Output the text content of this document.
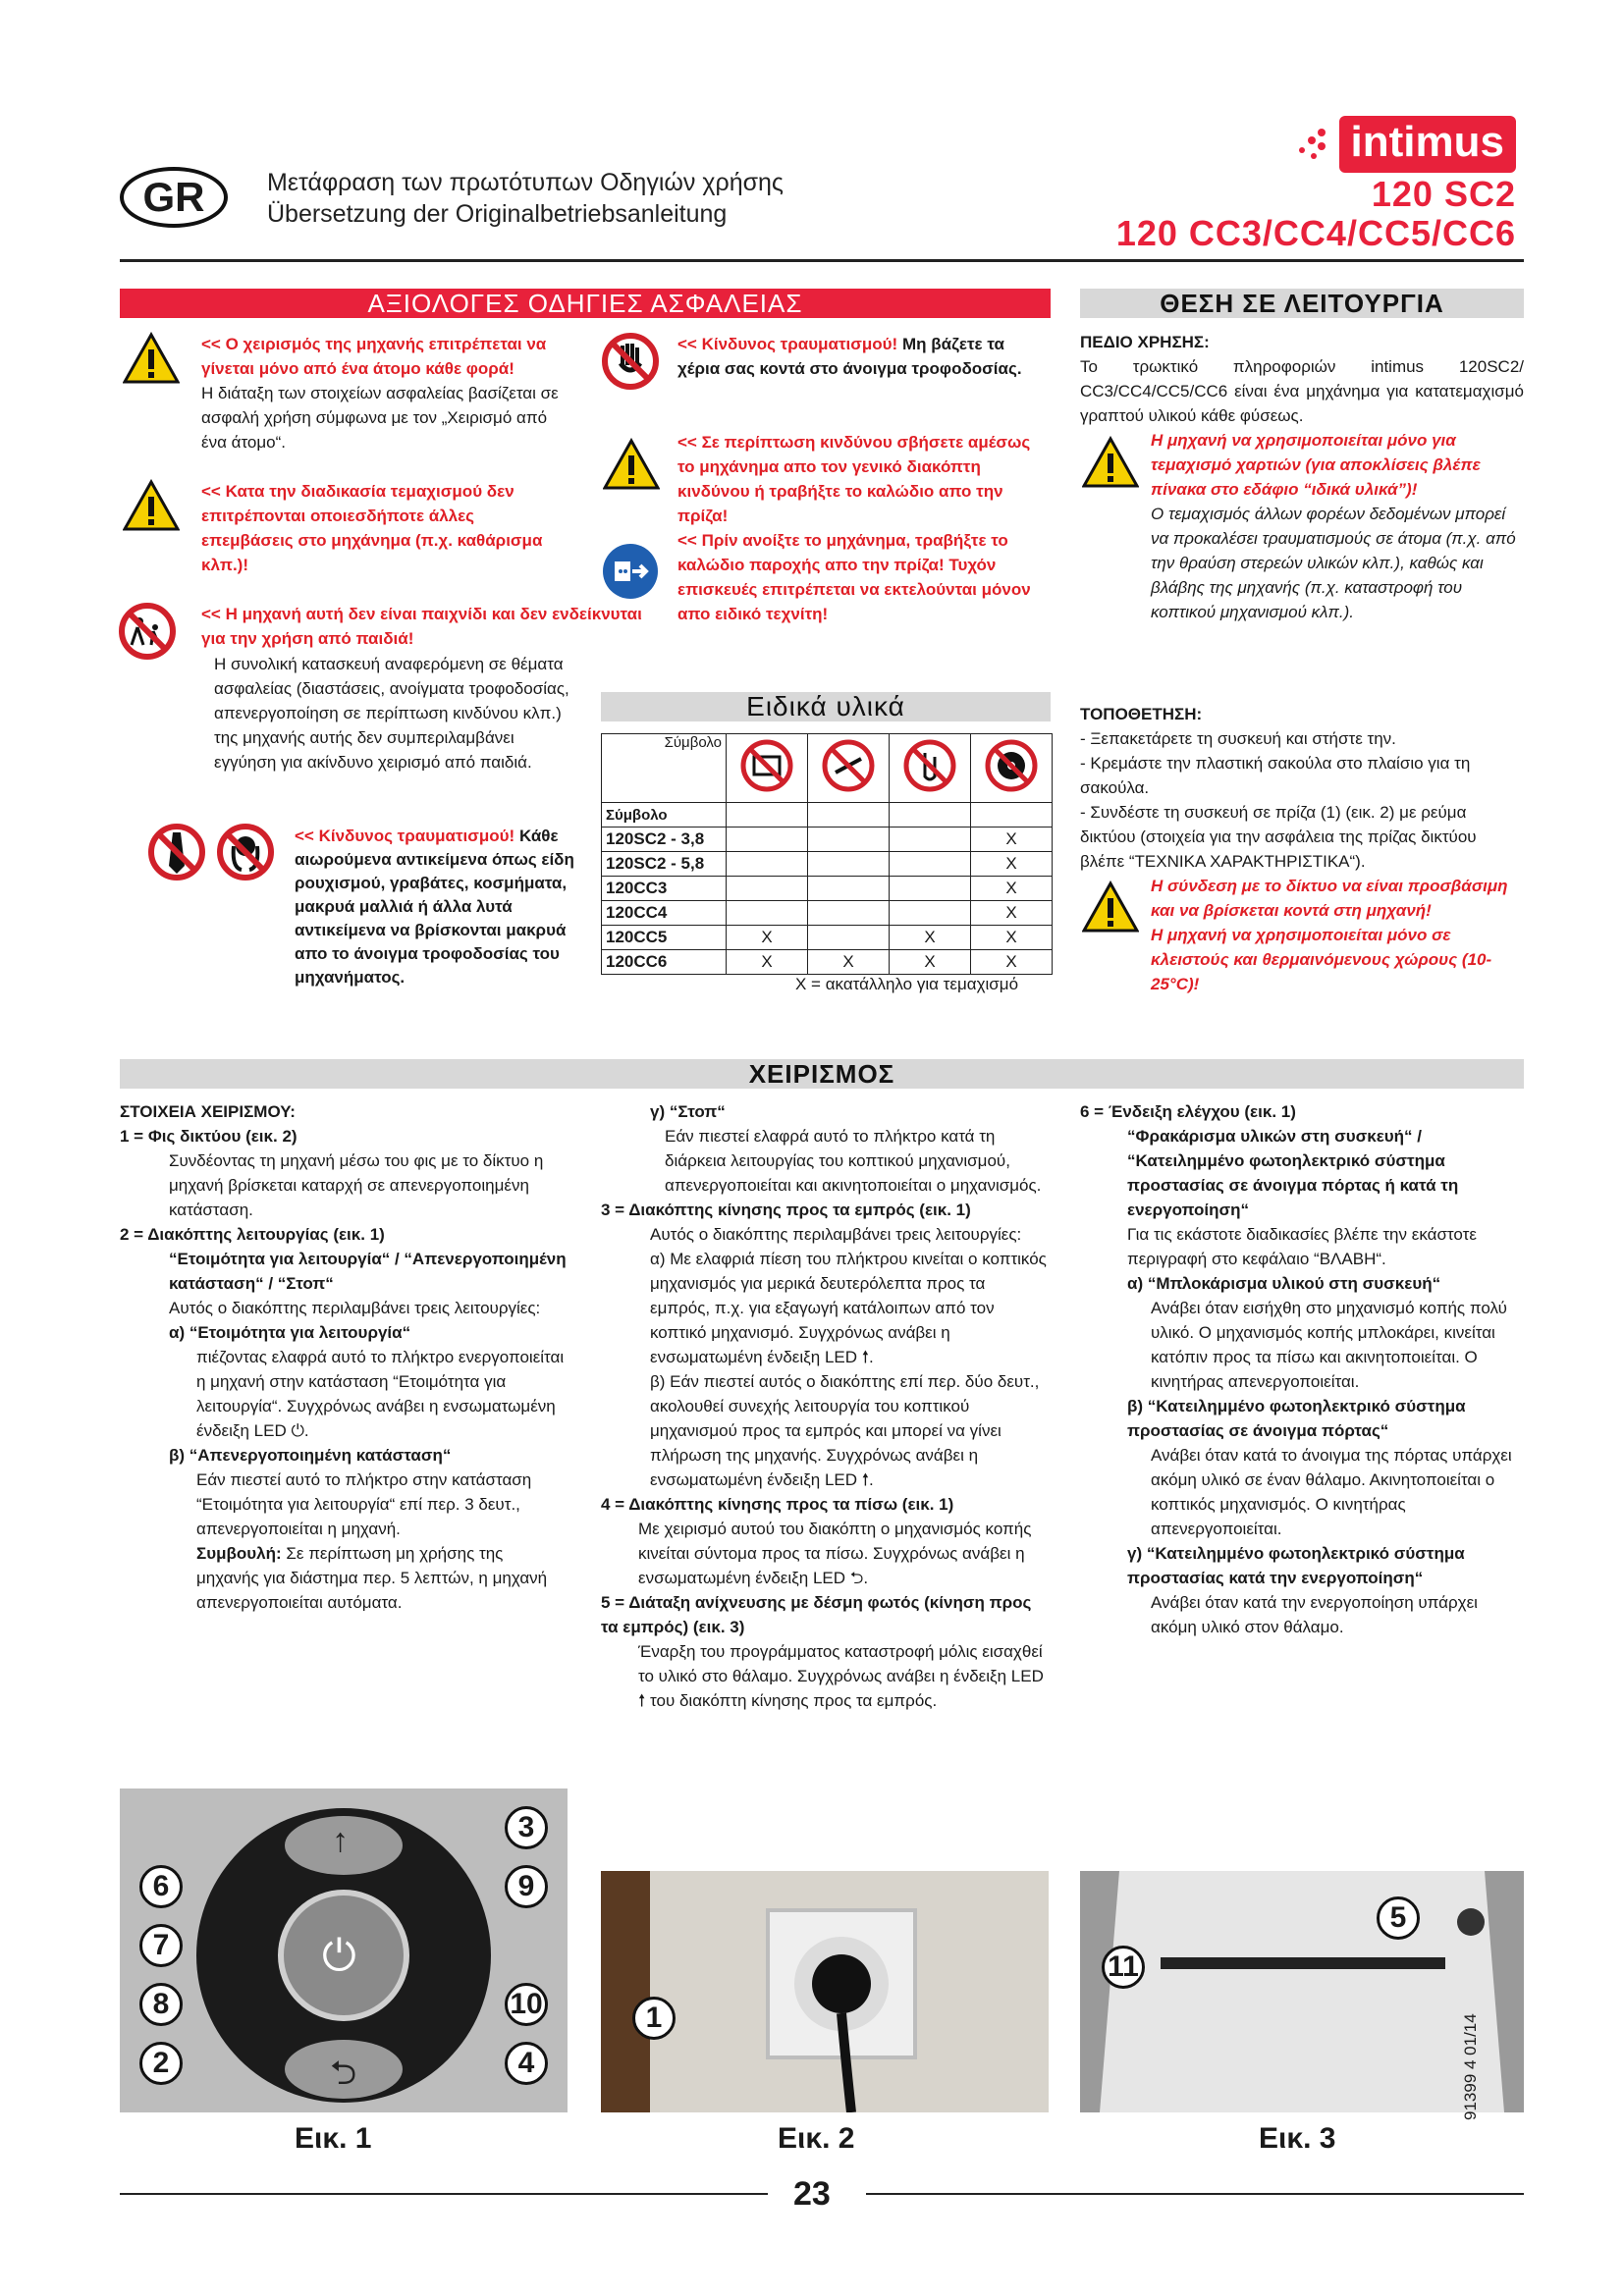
GR	Μετάφραση των πρωτότυπων Οδηγιών χρήσης
Übersetzung der Originalbetriebsanleitung
intimus
120 SC2
120 CC3/CC4/CC5/CC6
ΑΞΙΟΛΟΓΕΣ ΟΔΗΓΙΕΣ ΑΣΦΑΛΕΙΑΣ

<< Ο χειρισμός της μηχανής επιτρέπεται να γίνεται μόνο από ένα άτομο κάθε φορά!

Η διάταξη των στοιχείων ασφαλείας βασίζεται σε ασφαλή χρήση σύμφωνα με τον „Χειρισμό από ένα άτομο“.

<< Κατα την διαδικασία τεμαχισμού δεν επιτρέπονται οποιεσδήποτε άλλες επεμβάσεις στο μηχάνημα (π.χ. καθάρισμα κλπ.)!

<< Η μηχανή αυτή δεν είναι παιχνίδι και δεν ενδείκνυται για την χρήση από παιδιά!

Η συνολική κατασκευή αναφερόμενη σε θέματα ασφαλείας (διαστάσεις, ανοίγματα τροφοδοσίας, απενεργοποίηση σε περίπτωση κινδύνου κλπ.) της μηχανής αυτής δεν συμπεριλαμβάνει εγγύηση για ακίνδυνο χειρισμό από παιδιά.

<< Κίνδυνος τραυματισμού! Κάθε αιωρούμενα αντικείμενα όπως είδη ρουχισμού, γραβάτες, κοσμήματα, μακρυά μαλλιά ή άλλα λυτά αντικείμενα να βρίσκονται μακρυά απο το άνοιγμα τροφοδοσίας του μηχανήματος.
<< Κίνδυνος τραυματισμού! Μη βάζετε τα χέρια σας κοντά στο άνοιγμα τροφοδοσίας.

<< Σε περίπτωση κινδύνου σβήσετε αμέσως το μηχάνημα απο τον γενικό διακόπτη κινδύνου ή τραβήξτε το καλώδιο απο την πρίζα!

<< Πρίν ανοίξτε το μηχάνημα, τραβήξτε το καλώδιο παροχής απο την πρίζα! Τυχόν επισκευές επιτρέπεται να εκτελούνται μόνον απο ειδικό τεχνίτη!

Ειδικά υλικά
Σύμβολο				
Σύμβολο				
120SC2 - 3,8				X
120SC2 - 5,8				X
120CC3				X
120CC4				X
120CC5	X		X	X
120CC6	X	X	X	X
X = ακατάλληλο για τεμαχισμό
ΘΕΣΗ ΣΕ ΛΕΙΤΟΥΡΓΙΑ

ΠΕΔΙΟ ΧΡΗΣΗΣ:

Το τρωκτικό πληροφοριών intimus 120SC2/ CC3/CC4/CC5/CC6 είναι ένα μηχάνημα για κατατεμαχισμό γραπτού υλικού κάθε φύσεως.

Η μηχανή να χρησιμοποιείται μόνο για τεμαχισμό χαρτιών (για αποκλίσεις βλέπε πίνακα στο εδάφιο “ιδικά υλικά”)!

Ο τεμαχισμός άλλων φορέων δεδομένων μπορεί να προκαλέσει τραυματισμούς σε άτομα (π.χ. από την θραύση στερεών υλικών κλπ.), καθώς και βλάβης της μηχανής (π.χ. καταστροφή του κοπτικού μηχανισμού κλπ.).

ΤΟΠΟΘΕΤΗΣΗ:

- Ξεπακετάρετε τη συσκευή και στήστε την.

- Κρεμάστε την πλαστική σακούλα στο πλαίσιο για τη σακούλα.

- Συνδέστε τη συσκευή σε πρίζα (1) (εικ. 2) με ρεύμα δικτύου (στοιχεία για την ασφάλεια της πρίζας δικτύου βλέπε “ΤΕΧΝΙΚΑ ΧΑΡΑΚΤΗΡΙΣΤΙΚΑ“).

Η σύνδεση με το δίκτυο να είναι προσβάσιμη και να βρίσκεται κοντά στη μηχανή!

Η μηχανή να χρησιμοποιείται μόνο σε κλειστούς και θερμαινόμενους χώρους (10-25°C)!

ΧΕΙΡΙΣΜΟΣ

ΣΤΟΙΧΕΙΑ ΧΕΙΡΙΣΜΟΥ:

1 = Φις δικτύου (εικ. 2)

Συνδέοντας τη μηχανή μέσω του φις με το δίκτυο η μηχανή βρίσκεται καταρχή σε απενεργοποιημένη κατάσταση.

2 = Διακόπτης λειτουργίας (εικ. 1)

“Ετοιμότητα για λειτουργία“ / “Απενεργοποιημένη κατάσταση“ / “Στοπ“

Αυτός ο διακόπτης περιλαμβάνει τρεις λειτουργίες:

α) “Ετοιμότητα για λειτουργία“

πιέζοντας ελαφρά αυτό το πλήκτρο ενεργοποιείται η μηχανή στην κατάσταση “Ετοιμότητα για λειτουργία“. Συγχρόνως ανάβει η ενσωματωμένη ένδειξη LED ⏻.

β) “Απενεργοποιημένη κατάσταση“

Εάν πιεστεί αυτό το πλήκτρο στην κατάσταση “Ετοιμότητα για λειτουργία“ επί περ. 3 δευτ., απενεργοποιείται η μηχανή.

Συμβουλή: Σε περίπτωση μη χρήσης της μηχανής για διάστημα περ. 5 λεπτών, η μηχανή απενεργοποιείται αυτόματα.

γ) “Στοπ“

Εάν πιεστεί ελαφρά αυτό το πλήκτρο κατά τη διάρκεια λειτουργίας του κοπτικού μηχανισμού, απενεργοποιείται και ακινητοποιείται ο μηχανισμός.

3 = Διακόπτης κίνησης προς τα εμπρός (εικ. 1)

Αυτός ο διακόπτης περιλαμβάνει τρεις λειτουργίες:

α) Με ελαφριά πίεση του πλήκτρου κινείται ο κοπτικός μηχανισμός για μερικά δευτερόλεπτα προς τα εμπρός, π.χ. για εξαγωγή κατάλοιπων από τον κοπτικό μηχανισμό. Συγχρόνως ανάβει η ενσωματωμένη ένδειξη LED 🠕.

β) Εάν πιεστεί αυτός ο διακόπτης επί περ. δύο δευτ., ακολουθεί συνεχής λειτουργία του κοπτικού μηχανισμού προς τα εμπρός και μπορεί να γίνει πλήρωση της μηχανής. Συγχρόνως ανάβει η ενσωματωμένη ένδειξη LED 🠕.

4 = Διακόπτης κίνησης προς τα πίσω (εικ. 1)

Με χειρισμό αυτού του διακόπτη ο μηχανισμός κοπής κινείται σύντομα προς τα πίσω. Συγχρόνως ανάβει η ενσωματωμένη ένδειξη LED ⮌.

5 = Διάταξη ανίχνευσης με δέσμη φωτός (κίνηση προς τα εμπρός) (εικ. 3)

Έναρξη του προγράμματος καταστροφή μόλις εισαχθεί το υλικό στο θάλαμο. Συγχρόνως ανάβει η ένδειξη LED 🠕 του διακόπτη κίνησης προς τα εμπρός.

6 = Ένδειξη ελέγχου (εικ. 1)

“Φρακάρισμα υλικών στη συσκευή“ / “Κατειλημμένο φωτοηλεκτρικό σύστημα προστασίας σε άνοιγμα πόρτας ή κατά τη ενεργοποίηση“

Για τις εκάστοτε διαδικασίες βλέπε την εκάστοτε περιγραφή στο κεφάλαιο “ΒΛΑΒΗ“.

α) “Μπλοκάρισμα υλικού στη συσκευή“

Ανάβει όταν εισήχθη στο μηχανισμό κοπής πολύ υλικό. Ο μηχανισμός κοπής μπλοκάρει, κινείται κατόπιν προς τα πίσω και ακινητοποιείται. Ο κινητήρας απενεργοποιείται.

β) “Κατειλημμένο φωτοηλεκτρικό σύστημα προστασίας σε άνοιγμα πόρτας“

Ανάβει όταν κατά το άνοιγμα της πόρτας υπάρχει ακόμη υλικό σε έναν θάλαμο. Ακινητοποιείται ο κοπτικός μηχανισμός. Ο κινητήρας απενεργοποιείται.

γ) “Κατειλημμένο φωτοηλεκτρικό σύστημα προστασίας κατά την ενεργοποίηση“

Ανάβει όταν κατά την ενεργοποίηση υπάρχει ακόμη υλικό στον θάλαμο.

⏻
↑
⮌
3
6	9
7
8	10
2	4
Εικ. 1
1
Εικ. 2
5
11
Εικ. 3
23
91399 4 01/14
